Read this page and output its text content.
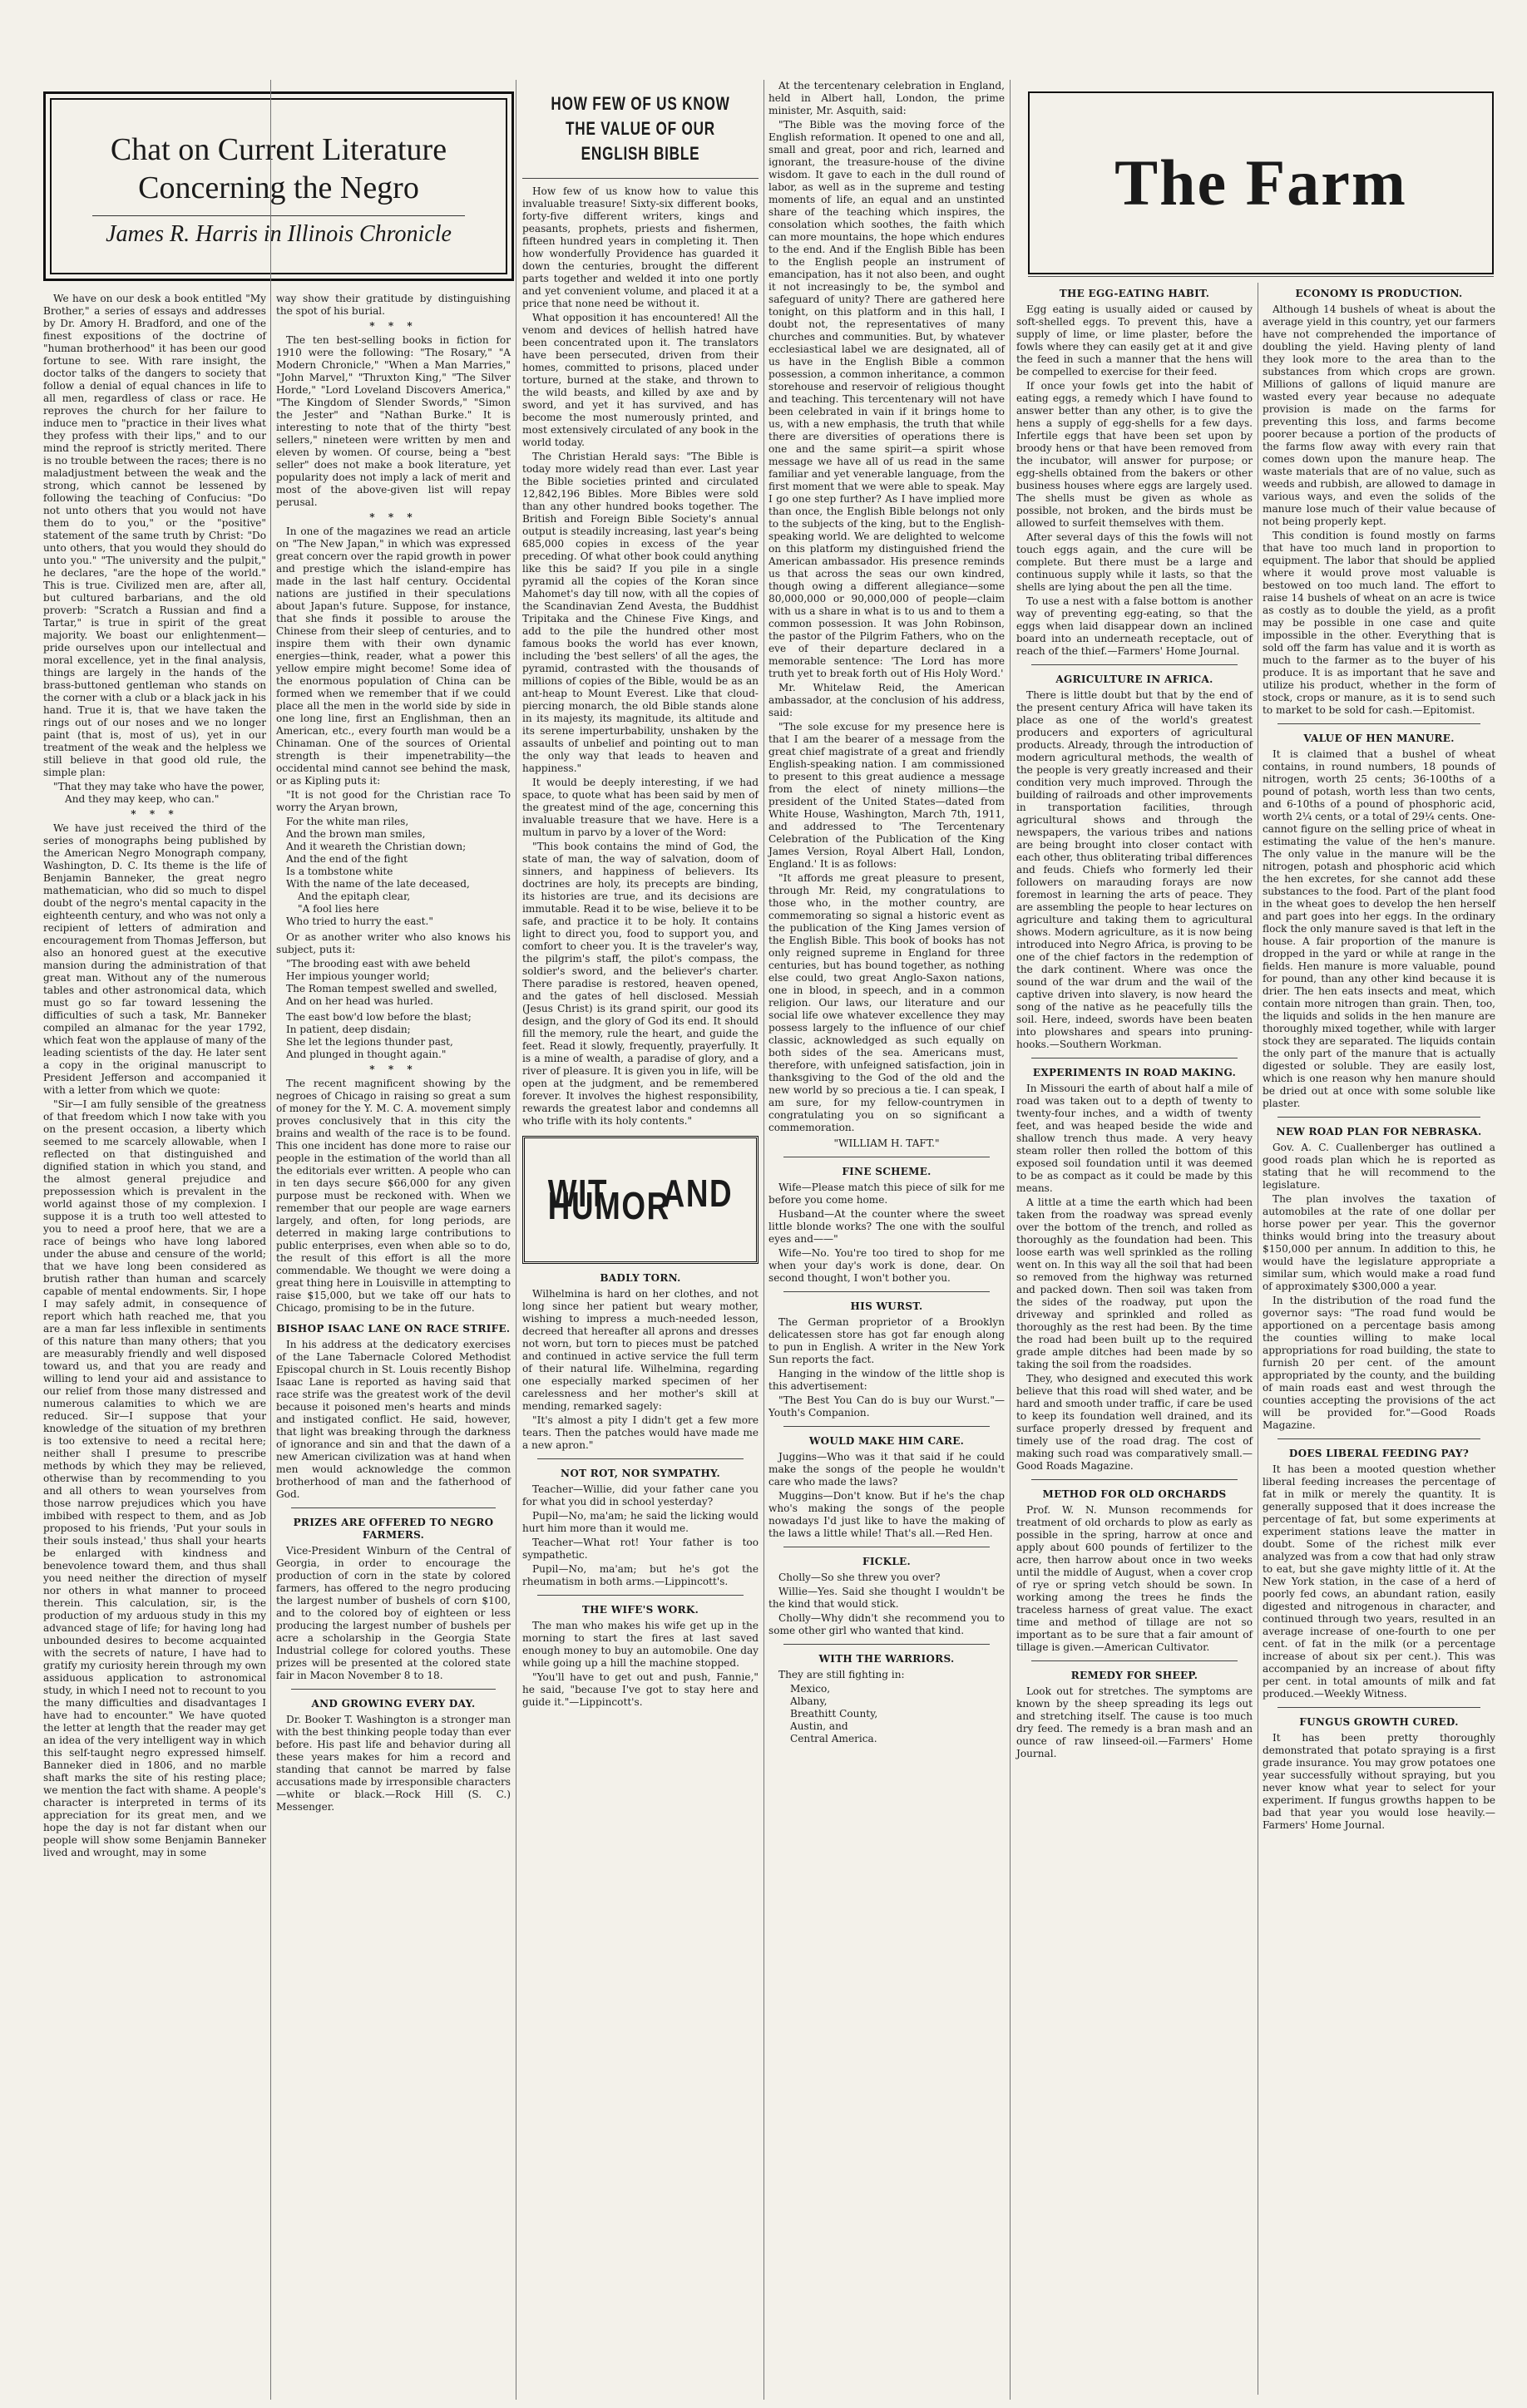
Chat on Current Literature
Concerning the Negro
James R. Harris in Illinois Chronicle

We have on our desk a book entitled "My Brother," a series of essays and addresses by Dr. Amory H. Bradford, and one of the finest expositions of the doctrine of "human brotherhood" it has been our good fortune to see. With rare insight, the doctor talks of the dangers to society that follow a denial of equal chances in life to all men, regardless of class or race. He reproves the church for her failure to induce men to "practice in their lives what they profess with their lips," and to our mind the reproof is strictly merited. There is no trouble between the races; there is no maladjustment between the weak and the strong, which cannot be lessened by following the teaching of Confucius: "Do not unto others that you would not have them do to you," or the "positive" statement of the same truth by Christ: "Do unto others, that you would they should do unto you." "The university and the pulpit," he declares, "are the hope of the world." This is true. Civilized men are, after all, but cultured barbarians, and the old proverb: "Scratch a Russian and find a Tartar," is true in spirit of the great majority. We boast our enlightenment—pride ourselves upon our intellectual and moral excellence, yet in the final analysis, things are largely in the hands of the brass-buttoned gentleman who stands on the corner with a club or a black jack in his hand. True it is, that we have taken the rings out of our noses and we no longer paint (that is, most of us), yet in our treatment of the weak and the helpless we still believe in that good old rule, the simple plan:

"That they may take who have the power,

And they may keep, who can."

* * *

We have just received the third of the series of monographs being published by the American Negro Monograph company, Washington, D. C. Its theme is the life of Benjamin Banneker, the great negro mathematician, who did so much to dispel doubt of the negro's mental capacity in the eighteenth century, and who was not only a recipient of letters of admiration and encouragement from Thomas Jefferson, but also an honored guest at the executive mansion during the administration of that great man. Without any of the numerous tables and other astronomical data, which must go so far toward lessening the difficulties of such a task, Mr. Banneker compiled an almanac for the year 1792, which feat won the applause of many of the leading scientists of the day. He later sent a copy in the original manuscript to President Jefferson and accompanied it with a letter from which we quote:

"Sir—I am fully sensible of the greatness of that freedom which I now take with you on the present occasion, a liberty which seemed to me scarcely allowable, when I reflected on that distinguished and dignified station in which you stand, and the almost general prejudice and prepossession which is prevalent in the world against those of my complexion. I suppose it is a truth too well attested to you to need a proof here, that we are a race of beings who have long labored under the abuse and censure of the world; that we have long been considered as brutish rather than human and scarcely capable of mental endowments. Sir, I hope I may safely admit, in consequence of report which hath reached me, that you are a man far less inflexible in sentiments of this nature than many others; that you are measurably friendly and well disposed toward us, and that you are ready and willing to lend your aid and assistance to our relief from those many distressed and numerous calamities to which we are reduced. Sir—I suppose that your knowledge of the situation of my brethren is too extensive to need a recital here; neither shall I presume to prescribe methods by which they may be relieved, otherwise than by recommending to you and all others to wean yourselves from those narrow prejudices which you have imbibed with respect to them, and as Job proposed to his friends, 'Put your souls in their souls instead,' thus shall your hearts be enlarged with kindness and benevolence toward them, and thus shall you need neither the direction of myself nor others in what manner to proceed therein. This calculation, sir, is the production of my arduous study in this my advanced stage of life; for having long had unbounded desires to become acquainted with the secrets of nature, I have had to gratify my curiosity herein through my own assiduous application to astronomical study, in which I need not to recount to you the many difficulties and disadvantages I have had to encounter." We have quoted the letter at length that the reader may get an idea of the very intelligent way in which this self-taught negro expressed himself. Banneker died in 1806, and no marble shaft marks the site of his resting place; we mention the fact with shame. A people's character is interpreted in terms of its appreciation for its great men, and we hope the day is not far distant when our people will show some Benjamin Banneker lived and wrought, may in some

way show their gratitude by distinguishing the spot of his burial.

* * *

The ten best-selling books in fiction for 1910 were the following: "The Rosary," "A Modern Chronicle," "When a Man Marries," "John Marvel," "Thruxton King," "The Silver Horde," "Lord Loveland Discovers America," "The Kingdom of Slender Swords," "Simon the Jester" and "Nathan Burke." It is interesting to note that of the thirty "best sellers," nineteen were written by men and eleven by women. Of course, being a "best seller" does not make a book literature, yet popularity does not imply a lack of merit and most of the above-given list will repay perusal.

* * *

In one of the magazines we read an article on "The New Japan," in which was expressed great concern over the rapid growth in power and prestige which the island-empire has made in the last half century. Occidental nations are justified in their speculations about Japan's future. Suppose, for instance, that she finds it possible to arouse the Chinese from their sleep of centuries, and to inspire them with their own dynamic energies—think, reader, what a power this yellow empire might become! Some idea of the enormous population of China can be formed when we remember that if we could place all the men in the world side by side in one long line, first an Englishman, then an American, etc., every fourth man would be a Chinaman. One of the sources of Oriental strength is their impenetrability—the occidental mind cannot see behind the mask, or as Kipling puts it:

"It is not good for the Christian race To worry the Aryan brown,

For the white man riles,

And the brown man smiles,

And it weareth the Christian down;

And the end of the fight

Is a tombstone white

With the name of the late deceased,

And the epitaph clear,

"A fool lies here

Who tried to hurry the east."

Or as another writer who also knows his subject, puts it:

"The brooding east with awe beheld

Her impious younger world;

The Roman tempest swelled and swelled,

And on her head was hurled.

The east bow'd low before the blast;

In patient, deep disdain;

She let the legions thunder past,

And plunged in thought again."

* * *

The recent magnificent showing by the negroes of Chicago in raising so great a sum of money for the Y. M. C. A. movement simply proves conclusively that in this city the brains and wealth of the race is to be found. This one incident has done more to raise our people in the estimation of the world than all the editorials ever written. A people who can in ten days secure $66,000 for any given purpose must be reckoned with. When we remember that our people are wage earners largely, and often, for long periods, are deterred in making large contributions to public enterprises, even when able so to do, the result of this effort is all the more commendable. We thought we were doing a great thing here in Louisville in attempting to raise $15,000, but we take off our hats to Chicago, promising to be in the future.

BISHOP ISAAC LANE ON RACE STRIFE.

In his address at the dedicatory exercises of the Lane Tabernacle Colored Methodist Episcopal church in St. Louis recently Bishop Isaac Lane is reported as having said that race strife was the greatest work of the devil because it poisoned men's hearts and minds and instigated conflict. He said, however, that light was breaking through the darkness of ignorance and sin and that the dawn of a new American civilization was at hand when men would acknowledge the common brotherhood of man and the fatherhood of God.

PRIZES ARE OFFERED TO NEGRO FARMERS.

Vice-President Winburn of the Central of Georgia, in order to encourage the production of corn in the state by colored farmers, has offered to the negro producing the largest number of bushels of corn $100, and to the colored boy of eighteen or less producing the largest number of bushels per acre a scholarship in the Georgia State Industrial college for colored youths. These prizes will be presented at the colored state fair in Macon November 8 to 18.

AND GROWING EVERY DAY.

Dr. Booker T. Washington is a stronger man with the best thinking people today than ever before. His past life and behavior during all these years makes for him a record and standing that cannot be marred by false accusations made by irresponsible characters—white or black.—Rock Hill (S. C.) Messenger.

HOW FEW OF US KNOW THE VALUE OF OUR ENGLISH BIBLE

How few of us know how to value this invaluable treasure! Sixty-six different books, forty-five different writers, kings and peasants, prophets, priests and fishermen, fifteen hundred years in completing it. Then how wonderfully Providence has guarded it down the centuries, brought the different parts together and welded it into one portly and yet convenient volume, and placed it at a price that none need be without it.

What opposition it has encountered! All the venom and devices of hellish hatred have been concentrated upon it. The translators have been persecuted, driven from their homes, committed to prisons, placed under torture, burned at the stake, and thrown to the wild beasts, and killed by axe and by sword, and yet it has survived, and has become the most numerously printed, and most extensively circulated of any book in the world today.

The Christian Herald says: "The Bible is today more widely read than ever. Last year the Bible societies printed and circulated 12,842,196 Bibles. More Bibles were sold than any other hundred books together. The British and Foreign Bible Society's annual output is steadily increasing, last year's being 685,000 copies in excess of the year preceding. Of what other book could anything like this be said? If you pile in a single pyramid all the copies of the Koran since Mahomet's day till now, with all the copies of the Scandinavian Zend Avesta, the Buddhist Tripitaka and the Chinese Five Kings, and add to the pile the hundred other most famous books the world has ever known, including the 'best sellers' of all the ages, the pyramid, contrasted with the thousands of millions of copies of the Bible, would be as an ant-heap to Mount Everest. Like that cloud-piercing monarch, the old Bible stands alone in its majesty, its magnitude, its altitude and its serene imperturbability, unshaken by the assaults of unbelief and pointing out to man the only way that leads to heaven and happiness."

It would be deeply interesting, if we had space, to quote what has been said by men of the greatest mind of the age, concerning this invaluable treasure that we have. Here is a multum in parvo by a lover of the Word:

"This book contains the mind of God, the state of man, the way of salvation, doom of sinners, and happiness of believers. Its doctrines are holy, its precepts are binding, its histories are true, and its decisions are immutable. Read it to be wise, believe it to be safe, and practice it to be holy. It contains light to direct you, food to support you, and comfort to cheer you. It is the traveler's way, the pilgrim's staff, the pilot's compass, the soldier's sword, and the believer's charter. There paradise is restored, heaven opened, and the gates of hell disclosed. Messiah (Jesus Christ) is its grand spirit, our good its design, and the glory of God its end. It should fill the memory, rule the heart, and guide the feet. Read it slowly, frequently, prayerfully. It is a mine of wealth, a paradise of glory, and a river of pleasure. It is given you in life, will be open at the judgment, and be remembered forever. It involves the highest responsibility, rewards the greatest labor and condemns all who trifle with its holy contents."

WIT AND HUMOR
BADLY TORN.

Wilhelmina is hard on her clothes, and not long since her patient but weary mother, wishing to impress a much-needed lesson, decreed that hereafter all aprons and dresses not worn, but torn to pieces must be patched and continued in active service the full term of their natural life. Wilhelmina, regarding one especially marked specimen of her carelessness and her mother's skill at mending, remarked sagely:

"It's almost a pity I didn't get a few more tears. Then the patches would have made me a new apron."

NOT ROT, NOR SYMPATHY.

Teacher—Willie, did your father cane you for what you did in school yesterday?

Pupil—No, ma'am; he said the licking would hurt him more than it would me.

Teacher—What rot! Your father is too sympathetic.

Pupil—No, ma'am; but he's got the rheumatism in both arms.—Lippincott's.

THE WIFE'S WORK.

The man who makes his wife get up in the morning to start the fires at last saved enough money to buy an automobile. One day while going up a hill the machine stopped.

"You'll have to get out and push, Fannie," he said, "because I've got to stay here and guide it."—Lippincott's.

At the tercentenary celebration in England, held in Albert hall, London, the prime minister, Mr. Asquith, said:

"The Bible was the moving force of the English reformation. It opened to one and all, small and great, poor and rich, learned and ignorant, the treasure-house of the divine wisdom. It gave to each in the dull round of labor, as well as in the supreme and testing moments of life, an equal and an unstinted share of the teaching which inspires, the consolation which soothes, the faith which can more mountains, the hope which endures to the end. And if the English Bible has been to the English people an instrument of emancipation, has it not also been, and ought it not increasingly to be, the symbol and safeguard of unity? There are gathered here tonight, on this platform and in this hall, I doubt not, the representatives of many churches and communities. But, by whatever ecclesiastical label we are designated, all of us have in the English Bible a common possession, a common inheritance, a common storehouse and reservoir of religious thought and teaching. This tercentenary will not have been celebrated in vain if it brings home to us, with a new emphasis, the truth that while there are diversities of operations there is one and the same spirit—a spirit whose message we have all of us read in the same familiar and yet venerable language, from the first moment that we were able to speak. May I go one step further? As I have implied more than once, the English Bible belongs not only to the subjects of the king, but to the English-speaking world. We are delighted to welcome on this platform my distinguished friend the American ambassador. His presence reminds us that across the seas our own kindred, though owing a different allegiance—some 80,000,000 or 90,000,000 of people—claim with us a share in what is to us and to them a common possession. It was John Robinson, the pastor of the Pilgrim Fathers, who on the eve of their departure declared in a memorable sentence: 'The Lord has more truth yet to break forth out of His Holy Word.'

Mr. Whitelaw Reid, the American ambassador, at the conclusion of his address, said:

"The sole excuse for my presence here is that I am the bearer of a message from the great chief magistrate of a great and friendly English-speaking nation. I am commissioned to present to this great audience a message from the elect of ninety millions—the president of the United States—dated from White House, Washington, March 7th, 1911, and addressed to 'The Tercentenary Celebration of the Publication of the King James Version, Royal Albert Hall, London, England.' It is as follows:

"It affords me great pleasure to present, through Mr. Reid, my congratulations to those who, in the mother country, are commemorating so signal a historic event as the publication of the King James version of the English Bible. This book of books has not only reigned supreme in England for three centuries, but has bound together, as nothing else could, two great Anglo-Saxon nations, one in blood, in speech, and in a common religion. Our laws, our literature and our social life owe whatever excellence they may possess largely to the influence of our chief classic, acknowledged as such equally on both sides of the sea. Americans must, therefore, with unfeigned satisfaction, join in thanksgiving to the God of the old and the new world by so precious a tie. I can speak, I am sure, for my fellow-countrymen in congratulating you on so significant a commemoration.

"WILLIAM H. TAFT."

FINE SCHEME.

Wife—Please match this piece of silk for me before you come home.

Husband—At the counter where the sweet little blonde works? The one with the soulful eyes and——"

Wife—No. You're too tired to shop for me when your day's work is done, dear. On second thought, I won't bother you.

HIS WURST.

The German proprietor of a Brooklyn delicatessen store has got far enough along to pun in English. A writer in the New York Sun reports the fact.

Hanging in the window of the little shop is this advertisement:

"The Best You Can do is buy our Wurst."—Youth's Companion.

WOULD MAKE HIM CARE.

Juggins—Who was it that said if he could make the songs of the people he wouldn't care who made the laws?

Muggins—Don't know. But if he's the chap who's making the songs of the people nowadays I'd just like to have the making of the laws a little while! That's all.—Red Hen.

FICKLE.

Cholly—So she threw you over?

Willie—Yes. Said she thought I wouldn't be the kind that would stick.

Cholly—Why didn't she recommend you to some other girl who wanted that kind.

WITH THE WARRIORS.

They are still fighting in:

Mexico,

Albany,

Breathitt County,

Austin, and

Central America.

The Farm
THE EGG-EATING HABIT.

Egg eating is usually aided or caused by soft-shelled eggs. To prevent this, have a supply of lime, or lime plaster, before the fowls where they can easily get at it and give the feed in such a manner that the hens will be compelled to exercise for their feed.

If once your fowls get into the habit of eating eggs, a remedy which I have found to answer better than any other, is to give the hens a supply of egg-shells for a few days. Infertile eggs that have been set upon by broody hens or that have been removed from the incubator, will answer for purpose; or egg-shells obtained from the bakers or other business houses where eggs are largely used. The shells must be given as whole as possible, not broken, and the birds must be allowed to surfeit themselves with them.

After several days of this the fowls will not touch eggs again, and the cure will be complete. But there must be a large and continuous supply while it lasts, so that the shells are lying about the pen all the time.

To use a nest with a false bottom is another way of preventing egg-eating, so that the eggs when laid disappear down an inclined board into an underneath receptacle, out of reach of the thief.—Farmers' Home Journal.

AGRICULTURE IN AFRICA.

There is little doubt but that by the end of the present century Africa will have taken its place as one of the world's greatest producers and exporters of agricultural products. Already, through the introduction of modern agricultural methods, the wealth of the people is very greatly increased and their condition very much improved. Through the building of railroads and other improvements in transportation facilities, through agricultural shows and through the newspapers, the various tribes and nations are being brought into closer contact with each other, thus obliterating tribal differences and feuds. Chiefs who formerly led their followers on marauding forays are now foremost in learning the arts of peace. They are assembling the people to hear lectures on agriculture and taking them to agricultural shows. Modern agriculture, as it is now being introduced into Negro Africa, is proving to be one of the chief factors in the redemption of the dark continent. Where was once the sound of the war drum and the wail of the captive driven into slavery, is now heard the song of the native as he peacefully tills the soil. Here, indeed, swords have been beaten into plowshares and spears into pruning-hooks.—Southern Workman.

EXPERIMENTS IN ROAD MAKING.

In Missouri the earth of about half a mile of road was taken out to a depth of twenty to twenty-four inches, and a width of twenty feet, and was heaped beside the wide and shallow trench thus made. A very heavy steam roller then rolled the bottom of this exposed soil foundation until it was deemed to be as compact as it could be made by this means.

A little at a time the earth which had been taken from the roadway was spread evenly over the bottom of the trench, and rolled as thoroughly as the foundation had been. This loose earth was well sprinkled as the rolling went on. In this way all the soil that had been so removed from the highway was returned and packed down. Then soil was taken from the sides of the roadway, put upon the driveway and sprinkled and rolled as thoroughly as the rest had been. By the time the road had been built up to the required grade ample ditches had been made by so taking the soil from the roadsides.

They, who designed and executed this work believe that this road will shed water, and be hard and smooth under traffic, if care be used to keep its foundation well drained, and its surface properly dressed by frequent and timely use of the road drag. The cost of making such road was comparatively small.—Good Roads Magazine.

METHOD FOR OLD ORCHARDS

Prof. W. N. Munson recommends for treatment of old orchards to plow as early as possible in the spring, harrow at once and apply about 600 pounds of fertilizer to the acre, then harrow about once in two weeks until the middle of August, when a cover crop of rye or spring vetch should be sown. In working among the trees he finds the traceless harness of great value. The exact time and method of tillage are not so important as to be sure that a fair amount of tillage is given.—American Cultivator.

REMEDY FOR SHEEP.

Look out for stretches. The symptoms are known by the sheep spreading its legs out and stretching itself. The cause is too much dry feed. The remedy is a bran mash and an ounce of raw linseed-oil.—Farmers' Home Journal.

ECONOMY IS PRODUCTION.

Although 14 bushels of wheat is about the average yield in this country, yet our farmers have not comprehended the importance of doubling the yield. Having plenty of land they look more to the area than to the substances from which crops are grown. Millions of gallons of liquid manure are wasted every year because no adequate provision is made on the farms for preventing this loss, and farms become poorer because a portion of the products of the farms flow away with every rain that comes down upon the manure heap. The waste materials that are of no value, such as weeds and rubbish, are allowed to damage in various ways, and even the solids of the manure lose much of their value because of not being properly kept.

This condition is found mostly on farms that have too much land in proportion to equipment. The labor that should be applied where it would prove most valuable is bestowed on too much land. The effort to raise 14 bushels of wheat on an acre is twice as costly as to double the yield, as a profit may be possible in one case and quite impossible in the other. Everything that is sold off the farm has value and it is worth as much to the farmer as to the buyer of his produce. It is as important that he save and utilize his product, whether in the form of stock, crops or manure, as it is to send such to market to be sold for cash.—Epitomist.

VALUE OF HEN MANURE.

It is claimed that a bushel of wheat contains, in round numbers, 18 pounds of nitrogen, worth 25 cents; 36-100ths of a pound of potash, worth less than two cents, and 6-10ths of a pound of phosphoric acid, worth 2¼ cents, or a total of 29¼ cents. One-cannot figure on the selling price of wheat in estimating the value of the hen's manure. The only value in the manure will be the nitrogen, potash and phosphoric acid which the hen excretes, for she cannot add these substances to the food. Part of the plant food in the wheat goes to develop the hen herself and part goes into her eggs. In the ordinary flock the only manure saved is that left in the house. A fair proportion of the manure is dropped in the yard or while at range in the fields. Hen manure is more valuable, pound for pound, than any other kind because it is drier. The hen eats insects and meat, which contain more nitrogen than grain. Then, too, the liquids and solids in the hen manure are thoroughly mixed together, while with larger stock they are separated. The liquids contain the only part of the manure that is actually digested or soluble. They are easily lost, which is one reason why hen manure should be dried out at once with some soluble like plaster.

NEW ROAD PLAN FOR NEBRASKA.

Gov. A. C. Cuallenberger has outlined a good roads plan which he is reported as stating that he will recommend to the legislature.

The plan involves the taxation of automobiles at the rate of one dollar per horse power per year. This the governor thinks would bring into the treasury about $150,000 per annum. In addition to this, he would have the legislature appropriate a similar sum, which would make a road fund of approximately $300,000 a year.

In the distribution of the road fund the governor says: "The road fund would be apportioned on a percentage basis among the counties willing to make local appropriations for road building, the state to furnish 20 per cent. of the amount appropriated by the county, and the building of main roads east and west through the counties accepting the provisions of the act will be provided for."—Good Roads Magazine.

DOES LIBERAL FEEDING PAY?

It has been a mooted question whether liberal feeding increases the percentage of fat in milk or merely the quantity. It is generally supposed that it does increase the percentage of fat, but some experiments at experiment stations leave the matter in doubt. Some of the richest milk ever analyzed was from a cow that had only straw to eat, but she gave mighty little of it. At the New York station, in the case of a herd of poorly fed cows, an abundant ration, easily digested and nitrogenous in character, and continued through two years, resulted in an average increase of one-fourth to one per cent. of fat in the milk (or a percentage increase of about six per cent.). This was accompanied by an increase of about fifty per cent. in total amounts of milk and fat produced.—Weekly Witness.

FUNGUS GROWTH CURED.

It has been pretty thoroughly demonstrated that potato spraying is a first grade insurance. You may grow potatoes one year successfully without spraying, but you never know what year to select for your experiment. If fungus growths happen to be bad that year you would lose heavily.—Farmers' Home Journal.
